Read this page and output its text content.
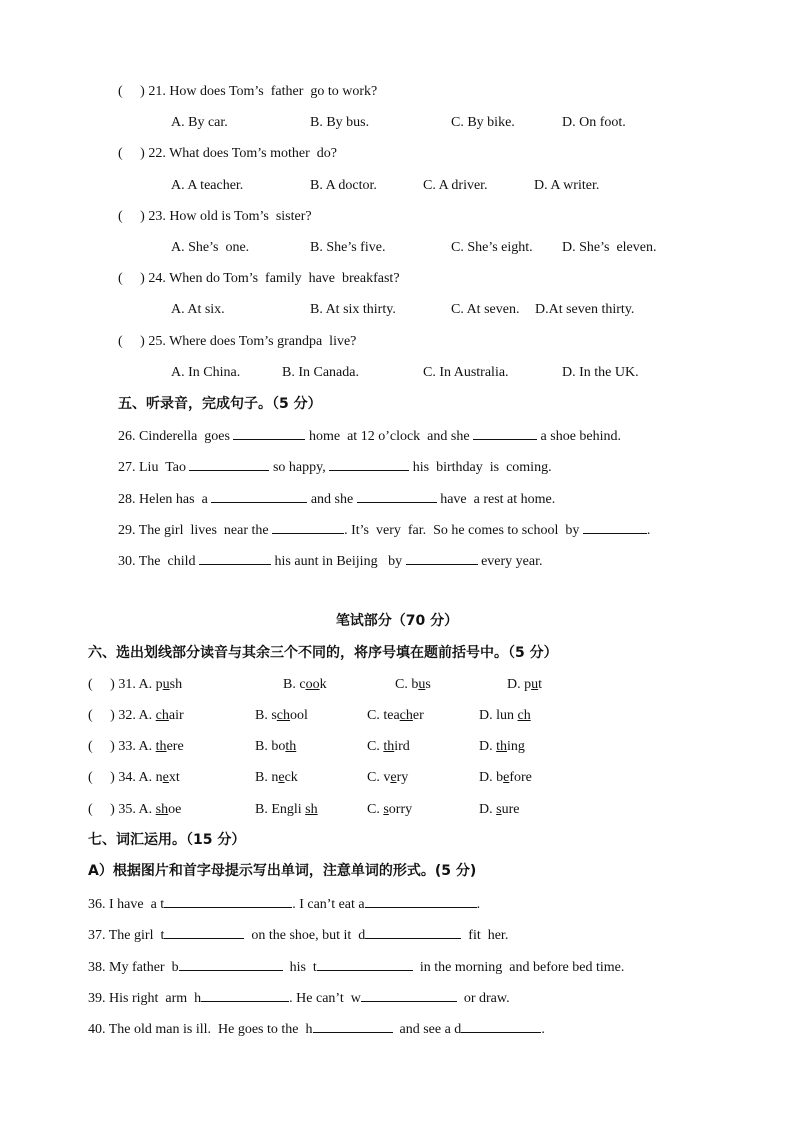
(     ) 21. How does Tom’s  father  go to work?
A. By car.	B. By bus.	C. By bike.	D. On foot.
(     ) 22. What does Tom’s mother  do?
A. A teacher.	B. A doctor.	C. A driver.	D. A writer.
(     ) 23. How old is Tom’s  sister?
A. She’s  one.	B. She’s five.	C. She’s eight. D. She’s  eleven.
(     ) 24. When do Tom’s  family  have  breakfast?
A. At six.	B. At six thirty.	C. At seven. D.At seven thirty.
(     ) 25. Where does Tom’s grandpa  live?
A. In China.	B. In Canada.	C. In Australia.	D. In the UK.
五、听录音，完成句子。（5 分）
26. Cinderella  goes	home  at 12 o’clock  and she	a shoe behind.
27. Liu  Tao	so happy,	his  birthday  is  coming.
28. Helen has  a	and she	have  a rest at home.
29. The girl  lives  near the	. It’s  very  far.  So he comes to school  by	.
30. The  child	his aunt in Beijing   by	every year.
笔试部分（70 分）
六、选出划线部分读音与其余三个不同的，将序号填在题前括号中。（5 分）
(     ) 31. A. push	B. cook	C. bus	D. put
(     ) 32. A. chair	B. school	C. teacher	D. lun ch
(     ) 33. A. there	B. both	C. third	D. thing
(     ) 34. A. next	B. neck	C. very	D. before
(     ) 35. A. shoe	B. Engli sh	C. sorry	D. sure
七、词汇运用。（15 分）
A）根据图片和首字母提示写出单词，注意单词的形式。(5 分)
36. I have  a t	. I can’t eat a	.
37. The girl  t	on the shoe, but it  d	fit  her.
38. My father  b	his  t	in the morning  and before bed time.
39. His right  arm  h	. He can’t  w	or draw.
40. The old man is ill.  He goes to the  h	and see a d	.
